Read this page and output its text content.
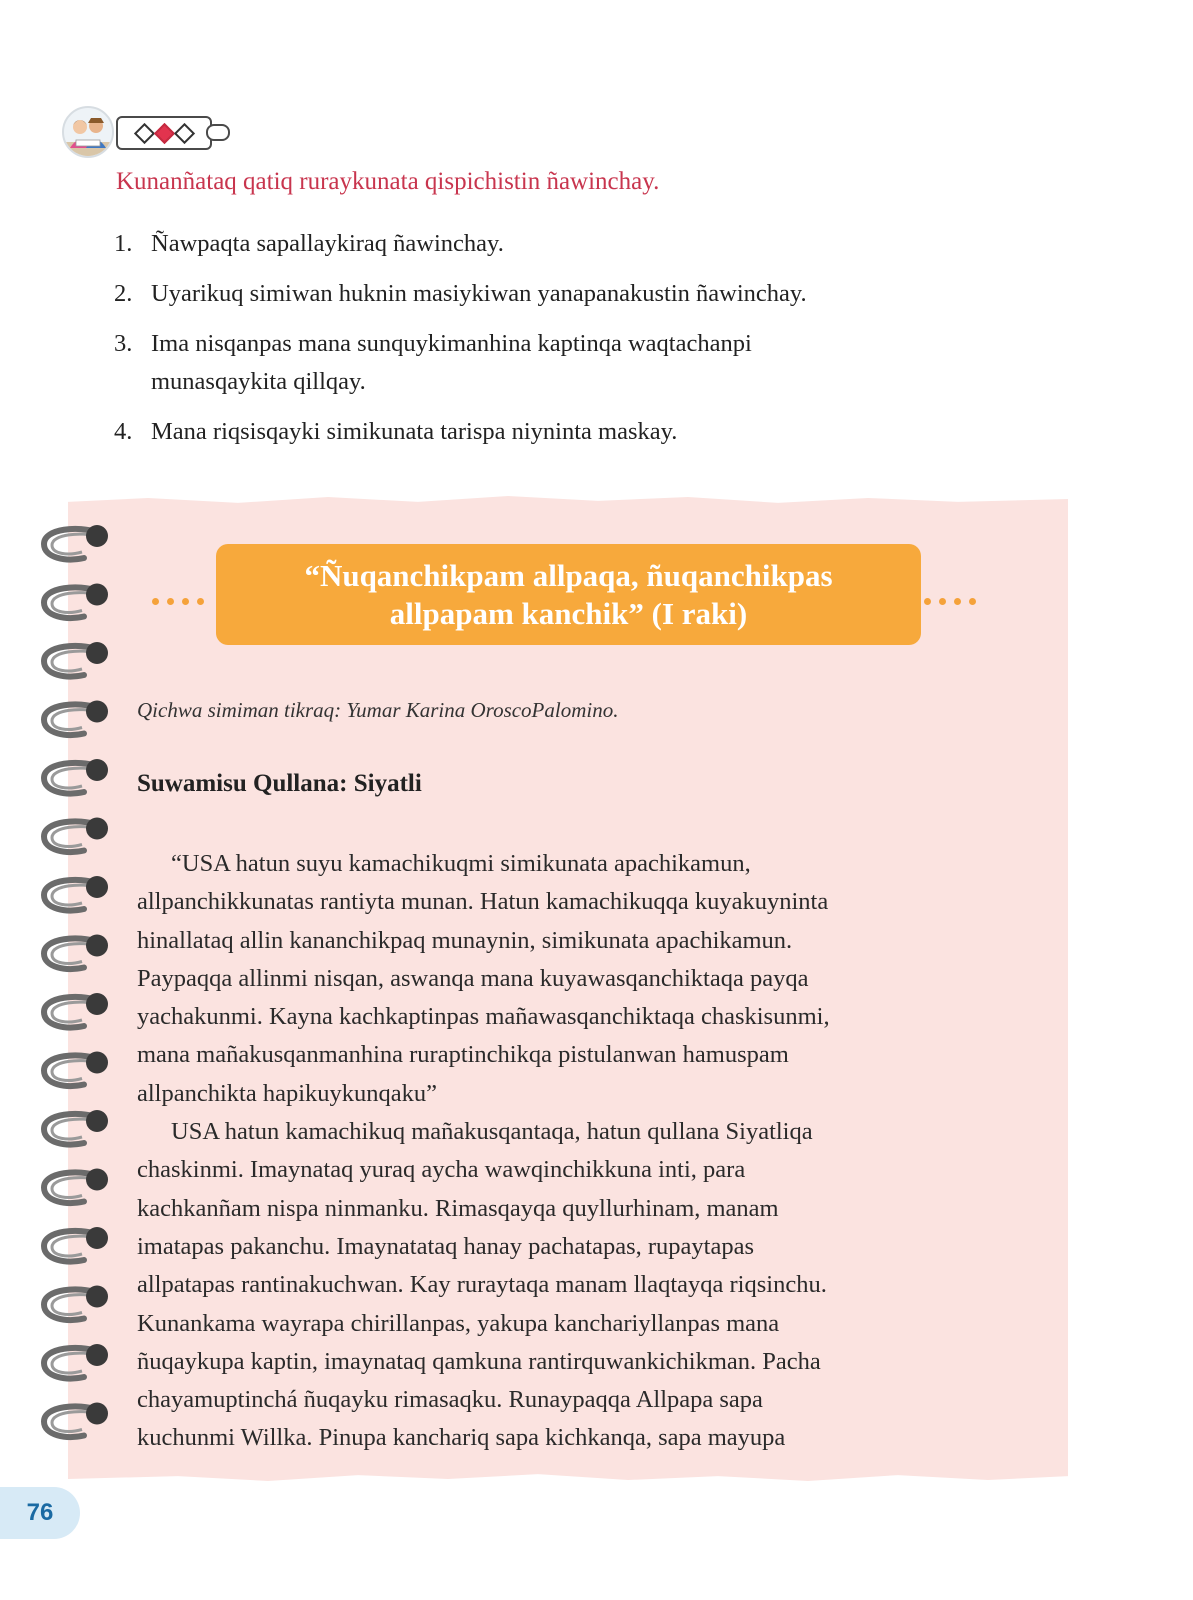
Kunanñataq qatiq ruraykunata qispichistin ñawinchay.

1. Ñawpaqta sapallaykiraq ñawinchay.
2. Uyarikuq simiwan huknin masiykiwan yanapanakustin ñawinchay.
3. Ima nisqanpas mana sunquykimanhina kaptinqa waqtachanpi
munasqaykita qillqay.
4. Mana riqsisqayki simikunata tarispa niyninta maskay.

“Ñuqanchikpam allpaqa, ñuqanchikpas
allpapam kanchik” (I raki)

Qichwa simiman tikraq: Yumar Karina OroscoPalomino.

Suwamisu Qullana: Siyatli

“USA hatun suyu kamachikuqmi simikunata apachikamun,
allpanchikkunatas rantiyta munan. Hatun kamachikuqqa kuyakuyninta
hinallataq allin kananchikpaq munaynin, simikunata apachikamun.
Paypaqqa allinmi nisqan, aswanqa mana kuyawasqanchiktaqa payqa
yachakunmi. Kayna kachkaptinpas mañawasqanchiktaqa chaskisunmi,
mana mañakusqanmanhina ruraptinchikqa pistulanwan hamuspam
allpanchikta hapikuykunqaku”

USA hatun kamachikuq mañakusqantaqa, hatun qullana Siyatliqa
chaskinmi. Imaynataq yuraq aycha wawqinchikkuna inti, para
kachkanñam nispa ninmanku. Rimasqayqa quyllurhinam, manam
imatapas pakanchu. Imaynatataq hanay pachatapas, rupaytapas
allpatapas rantinakuchwan. Kay ruraytaqa manam llaqtayqa riqsinchu.
Kunankama wayrapa chirillanpas, yakupa kanchariyllanpas mana
ñuqaykupa kaptin, imaynataq qamkuna rantirquwankichikman. Pacha
chayamuptinchá ñuqayku rimasaqku. Runaypaqqa Allpapa sapa
kuchunmi Willka. Pinupa kanchariq sapa kichkanqa, sapa mayupa

76
